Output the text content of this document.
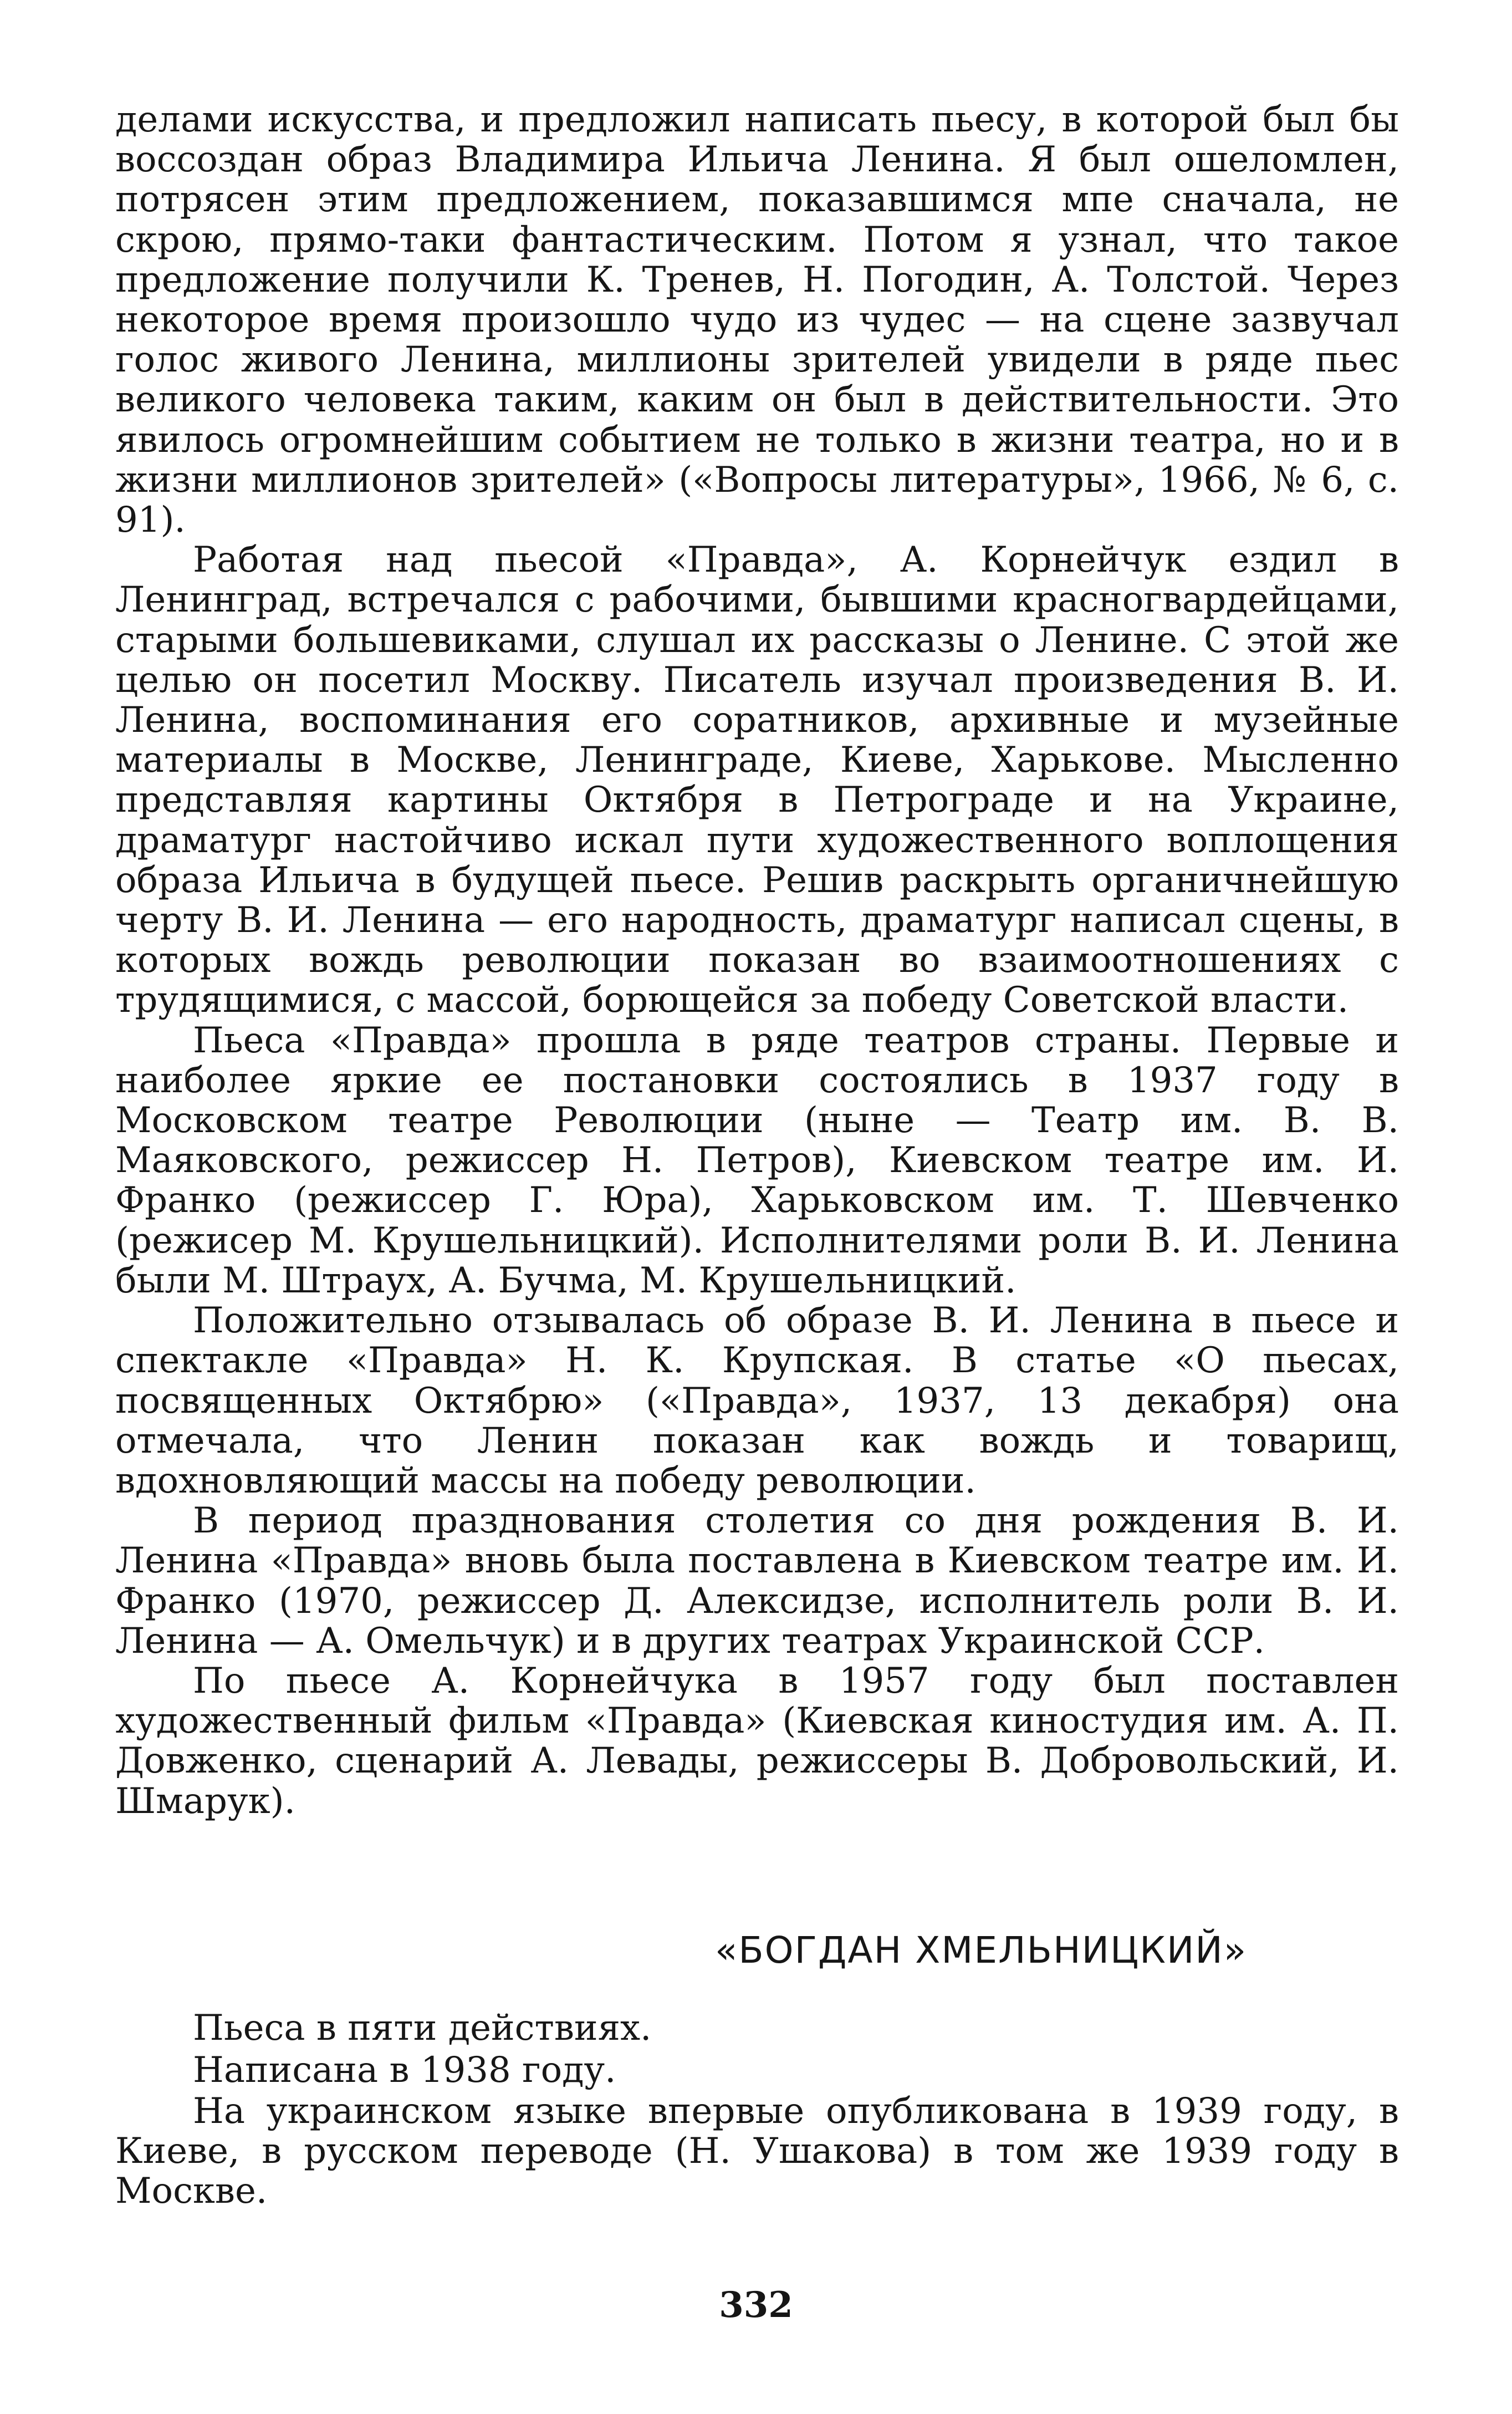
делами искусства, и предложил написать пьесу, в которой был бы воссоздан образ Владимира Ильича Ленина. Я был ошеломлен, потрясен этим предложением, показавшимся мпе сначала, не скрою, прямо-таки фантастическим. Потом я узнал, что такое предложение получили К. Тренев, Н. Погодин, А. Толстой. Через некоторое время произошло чудо из чудес — на сцене зазвучал голос живого Ленина, миллионы зрителей увидели в ряде пьес великого человека таким, каким он был в действительности. Это явилось огромнейшим событием не только в жизни театра, но и в жизни миллионов зрителей» («Вопросы литературы», 1966, № 6, с. 91).

Работая над пьесой «Правда», А. Корнейчук ездил в Ленинград, встречался с рабочими, бывшими красногвардейцами, старыми большевиками, слушал их рассказы о Ленине. С этой же целью он посетил Москву. Писатель изучал произведения В. И. Ленина, воспоминания его соратников, архивные и музейные материалы в Москве, Ленинграде, Киеве, Харькове. Мысленно представляя картины Октября в Петрограде и на Украине, драматург настойчиво искал пути художественного воплощения образа Ильича в будущей пьесе. Решив раскрыть органичнейшую черту В. И. Ленина — его народность, драматург написал сцены, в которых вождь революции показан во взаимоотношениях с трудящимися, с массой, борющейся за победу Советской власти.

Пьеса «Правда» прошла в ряде театров страны. Первые и наиболее яркие ее постановки состоялись в 1937 году в Московском театре Революции (ныне — Театр им. В. В. Маяковского, режиссер Н. Петров), Киевском театре им. И. Франко (режиссер Г. Юра), Харьковском им. Т. Шевченко (режисер М. Крушельницкий). Исполнителями роли В. И. Ленина были М. Штраух, А. Бучма, М. Крушельницкий.

Положительно отзывалась об образе В. И. Ленина в пьесе и спектакле «Правда» Н. К. Крупская. В статье «О пьесах, посвященных Октябрю» («Правда», 1937, 13 декабря) она отмечала, что Ленин показан как вождь и товарищ, вдохновляющий массы на победу революции.

В период празднования столетия со дня рождения В. И. Ленина «Правда» вновь была поставлена в Киевском театре им. И. Франко (1970, режиссер Д. Алексидзе, исполнитель роли В. И. Ленина — А. Омельчук) и в других театрах Украинской ССР.

По пьесе А. Корнейчука в 1957 году был поставлен художественный фильм «Правда» (Киевская киностудия им. А. П. Довженко, сценарий А. Левады, режиссеры В. Добровольский, И. Шмарук).

«БОГДАН ХМЕЛЬНИЦКИЙ»

Пьеса в пяти действиях.

Написана в 1938 году.

На украинском языке впервые опубликована в 1939 году, в Киеве, в русском переводе (Н. Ушакова) в том же 1939 году в Москве.

332
